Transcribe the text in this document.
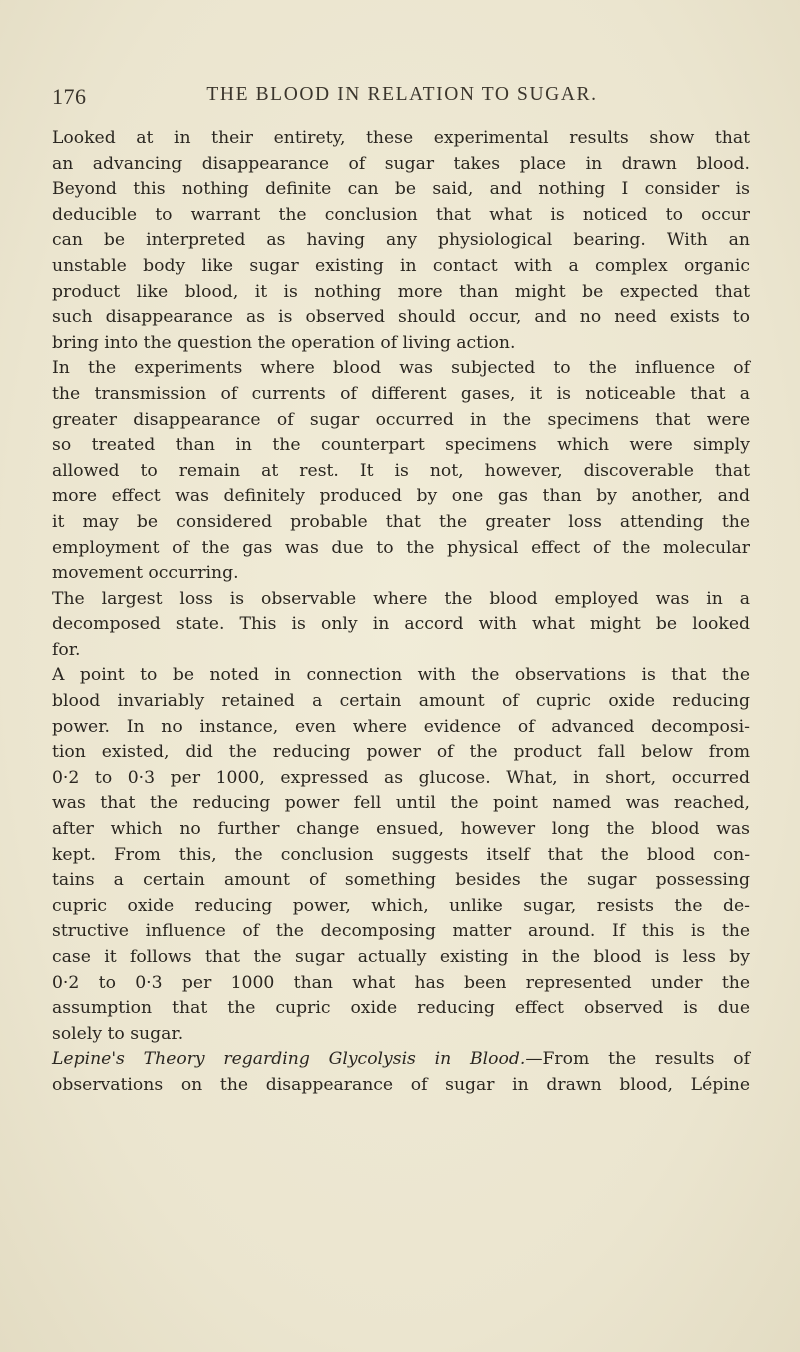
176	THE BLOOD IN RELATION TO SUGAR.
Looked at in their entirety, these experimental results show that
an advancing disappearance of sugar takes place in drawn blood.
Beyond this nothing definite can be said, and nothing I consider is
deducible to warrant the conclusion that what is noticed to occur
can be interpreted as having any physiological bearing. With an
unstable body like sugar existing in contact with a complex organic
product like blood, it is nothing more than might be expected that
such disappearance as is observed should occur, and no need exists to
bring into the question the operation of living action.
In the experiments where blood was subjected to the influence of
the transmission of currents of different gases, it is noticeable that a
greater disappearance of sugar occurred in the specimens that were
so treated than in the counterpart specimens which were simply
allowed to remain at rest. It is not, however, discoverable that
more effect was definitely produced by one gas than by another, and
it may be considered probable that the greater loss attending the
employment of the gas was due to the physical effect of the molecular
movement occurring.
The largest loss is observable where the blood employed was in a
decomposed state. This is only in accord with what might be looked
for.
A point to be noted in connection with the observations is that the
blood invariably retained a certain amount of cupric oxide reducing
power. In no instance, even where evidence of advanced decomposi-
tion existed, did the reducing power of the product fall below from
0·2 to 0·3 per 1000, expressed as glucose. What, in short, occurred
was that the reducing power fell until the point named was reached,
after which no further change ensued, however long the blood was
kept. From this, the conclusion suggests itself that the blood con-
tains a certain amount of something besides the sugar possessing
cupric oxide reducing power, which, unlike sugar, resists the de-
structive influence of the decomposing matter around. If this is the
case it follows that the sugar actually existing in the blood is less by
0·2 to 0·3 per 1000 than what has been represented under the
assumption that the cupric oxide reducing effect observed is due
solely to sugar.
Lepine's Theory regarding Glycolysis in Blood.—From the results of
observations on the disappearance of sugar in drawn blood, Lépine
